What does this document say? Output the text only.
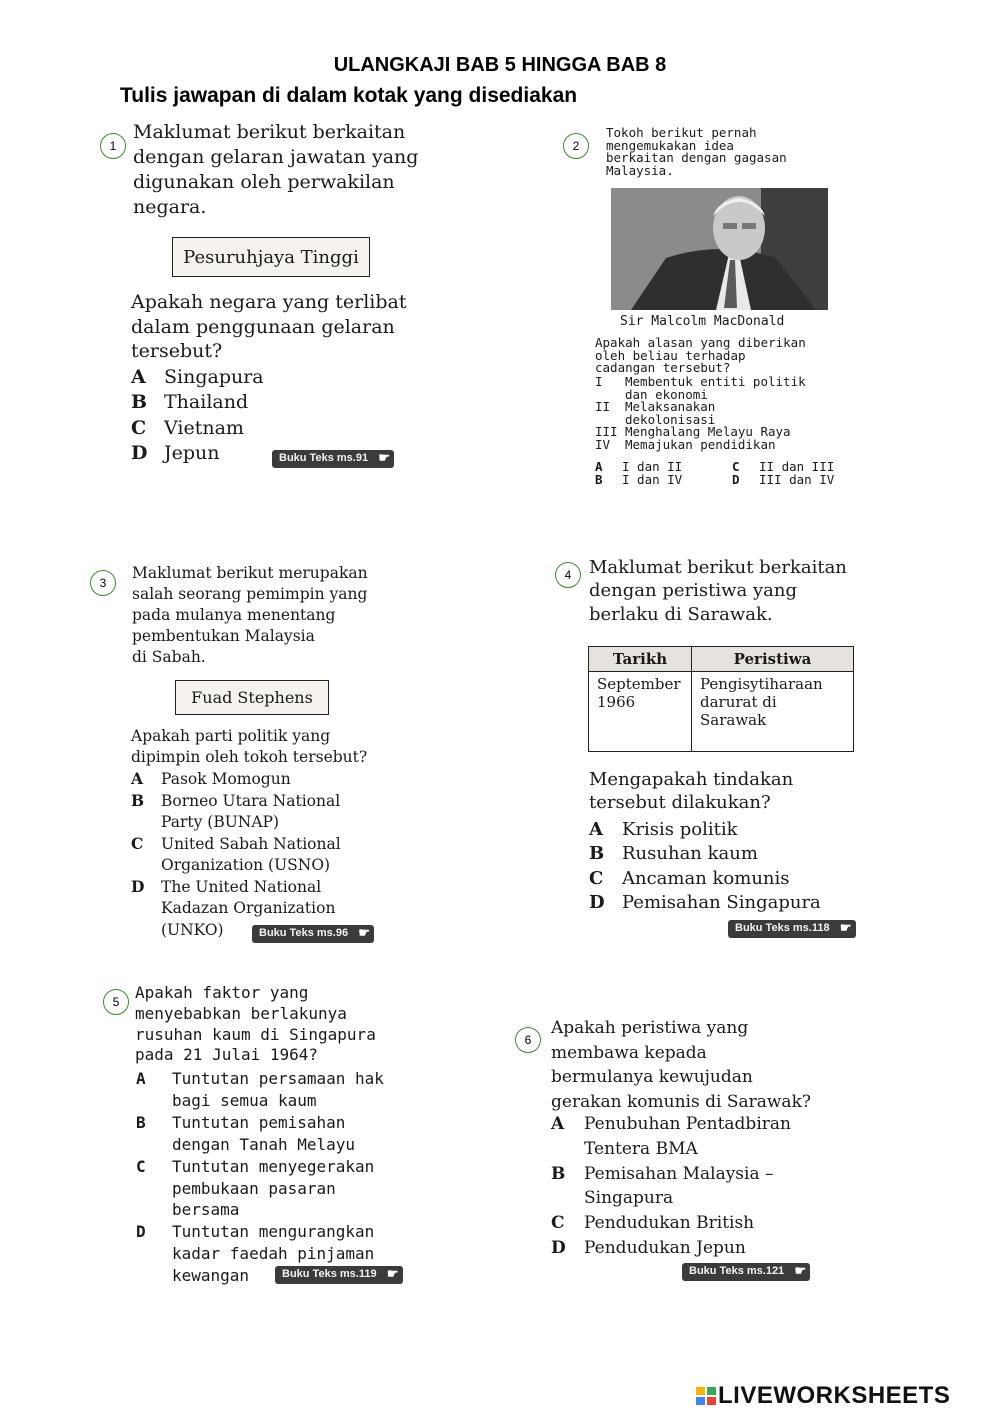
ULANGKAJI BAB 5 HINGGA BAB 8
Tulis jawapan di dalam kotak yang disediakan
1
Maklumat berikut berkaitan
dengan gelaran jawatan yang
digunakan oleh perwakilan
negara.
Pesuruhjaya Tinggi
Apakah negara yang terlibat
dalam penggunaan gelaran
tersebut?
A Singapura
B Thailand
C Vietnam
D Jepun	Buku Teks ms.91 ☛
2
Tokoh berikut pernah
mengemukakan idea
berkaitan dengan gagasan
Malaysia.
Sir Malcolm MacDonald
Apakah alasan yang diberikan
oleh beliau terhadap
cadangan tersebut?
I Membentuk entiti politik
dan ekonomi
II Melaksanakan
dekolonisasi
III Menghalang Melayu Raya
IV Memajukan pendidikan
A I dan II	C II dan III
B I dan IV	D III dan IV
3
Maklumat berikut merupakan
salah seorang pemimpin yang
pada mulanya menentang
pembentukan Malaysia
di Sabah.
Fuad Stephens
Apakah parti politik yang
dipimpin oleh tokoh tersebut?
A Pasok Momogun
B Borneo Utara National
Party (BUNAP)
C United Sabah National
Organization (USNO)
D The United National
Kadazan Organization
(UNKO)	Buku Teks ms.96 ☛
4 Maklumat berikut berkaitan
dengan peristiwa yang
berlaku di Sarawak.
Tarikh	Peristiwa
September 1966	Pengisytiharaan darurat di Sarawak
Mengapakah tindakan
tersebut dilakukan?
A Krisis politik
B Rusuhan kaum
C Ancaman komunis
D Pemisahan Singapura
Buku Teks ms.118 ☛
5 Apakah faktor yang
menyebabkan berlakunya
rusuhan kaum di Singapura
pada 21 Julai 1964?
A Tuntutan persamaan hak
bagi semua kaum
B Tuntutan pemisahan
dengan Tanah Melayu
C Tuntutan menyegerakan
pembukaan pasaran
bersama
D Tuntutan mengurangkan
kadar faedah pinjaman
kewangan	Buku Teks ms.119 ☛
6
Apakah peristiwa yang
membawa kepada
bermulanya kewujudan
gerakan komunis di Sarawak?
A Penubuhan Pentadbiran
Tentera BMA
B Pemisahan Malaysia –
Singapura
C Pendudukan British
D Pendudukan Jepun
Buku Teks ms.121 ☛
LIVEWORKSHEETS
